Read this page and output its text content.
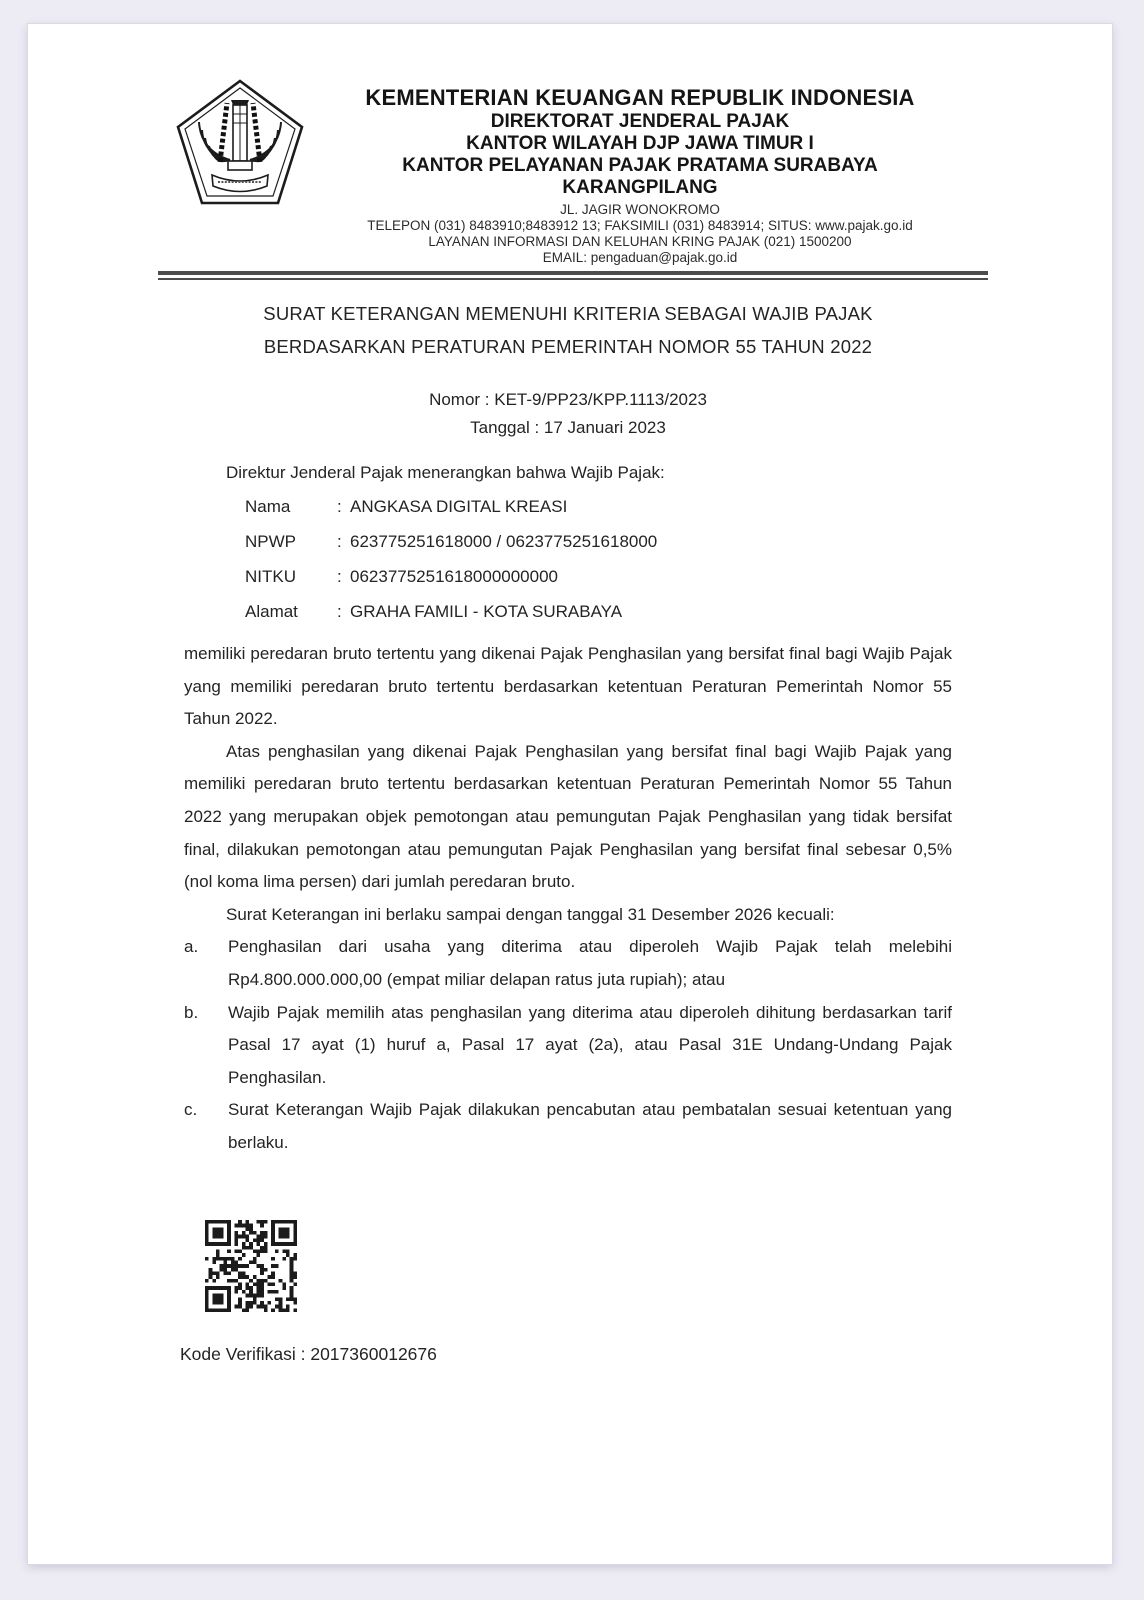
KEMENTERIAN KEUANGAN REPUBLIK INDONESIA
DIREKTORAT JENDERAL PAJAK
KANTOR WILAYAH DJP JAWA TIMUR I
KANTOR PELAYANAN PAJAK PRATAMA SURABAYA
KARANGPILANG
JL. JAGIR WONOKROMO
TELEPON (031) 8483910;8483912 13; FAKSIMILI (031) 8483914; SITUS: www.pajak.go.id
LAYANAN INFORMASI DAN KELUHAN KRING PAJAK (021) 1500200
EMAIL: pengaduan@pajak.go.id
SURAT KETERANGAN MEMENUHI KRITERIA SEBAGAI WAJIB PAJAK
BERDASARKAN PERATURAN PEMERINTAH NOMOR 55 TAHUN 2022
Nomor : KET-9/PP23/KPP.1113/2023
Tanggal : 17 Januari 2023
Direktur Jenderal Pajak menerangkan bahwa Wajib Pajak:
Nama	: ANGKASA DIGITAL KREASI
NPWP	: 623775251618000 / 0623775251618000
NITKU	: 0623775251618000000000
Alamat	: GRAHA FAMILI - KOTA SURABAYA

memiliki peredaran bruto tertentu yang dikenai Pajak Penghasilan yang bersifat final bagi Wajib Pajak yang memiliki peredaran bruto tertentu berdasarkan ketentuan Peraturan Pemerintah Nomor 55 Tahun 2022.

Atas penghasilan yang dikenai Pajak Penghasilan yang bersifat final bagi Wajib Pajak yang memiliki peredaran bruto tertentu berdasarkan ketentuan Peraturan Pemerintah Nomor 55 Tahun 2022 yang merupakan objek pemotongan atau pemungutan Pajak Penghasilan yang tidak bersifat final, dilakukan pemotongan atau pemungutan Pajak Penghasilan yang bersifat final sebesar 0,5% (nol koma lima persen) dari jumlah peredaran bruto.

Surat Keterangan ini berlaku sampai dengan tanggal 31 Desember 2026 kecuali:

a.	Penghasilan dari usaha yang diterima atau diperoleh Wajib Pajak telah melebihi Rp4.800.000.000,00 (empat miliar delapan ratus juta rupiah); atau
b.	Wajib Pajak memilih atas penghasilan yang diterima atau diperoleh dihitung berdasarkan tarif Pasal 17 ayat (1) huruf a, Pasal 17 ayat (2a), atau Pasal 31E Undang-Undang Pajak Penghasilan.
c.	Surat Keterangan Wajib Pajak dilakukan pencabutan atau pembatalan sesuai ketentuan yang berlaku.
Kode Verifikasi : 2017360012676
